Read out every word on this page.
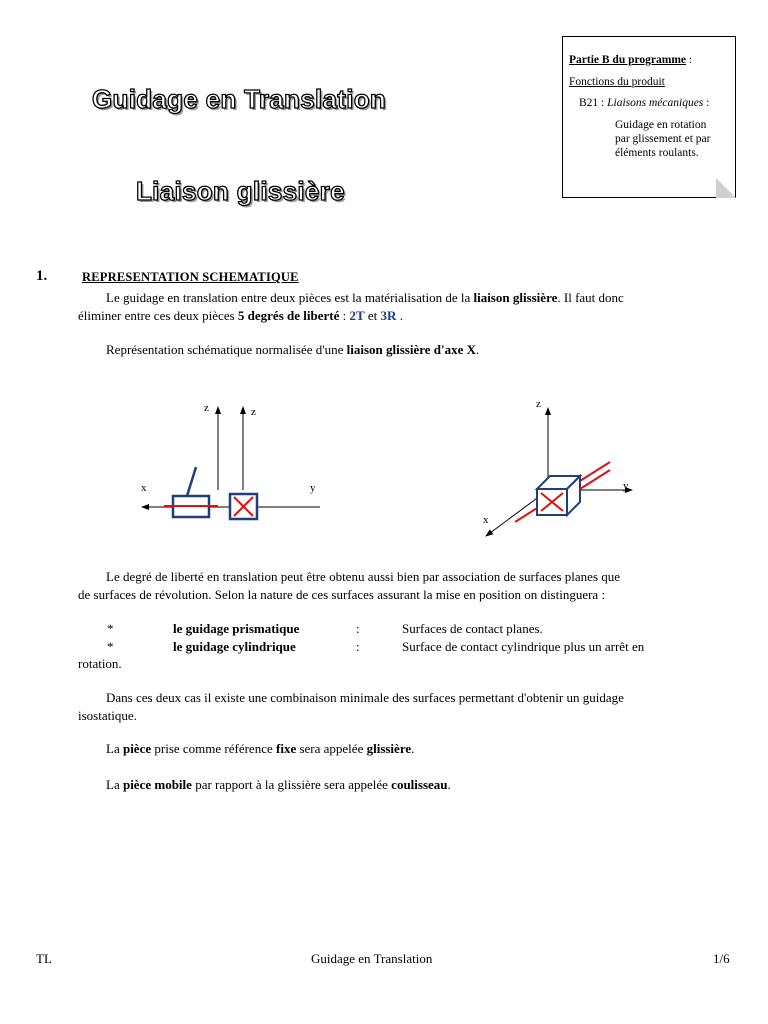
Guidage en Translation
Liaison glissière
Partie B du programme :
Fonctions du produit
B21 : Liaisons mécaniques :
Guidage en rotation
par glissement et par
éléments roulants.
1.	REPRESENTATION SCHEMATIQUE
Le guidage en translation entre deux pièces est la matérialisation de la liaison glissière. Il faut donc
éliminer entre ces deux pièces 5 degrés de liberté : 2T et 3R .
Représentation schématique normalisée d'une liaison glissière d'axe X.
z	z
x	y
z
y
x
Le degré de liberté en translation peut être obtenu aussi bien par association de surfaces planes que
de surfaces de révolution. Selon la nature de ces surfaces assurant la mise en position on distinguera :
*	le guidage prismatique	:	Surfaces de contact planes.
*	le guidage cylindrique	:	Surface de contact cylindrique plus un arrêt en
rotation.
Dans ces deux cas il existe une combinaison minimale des surfaces permettant d'obtenir un guidage
isostatique.
La pièce prise comme référence fixe sera appelée glissière.
La pièce mobile par rapport à la glissière sera appelée coulisseau.
TL	Guidage en Translation	1/6
